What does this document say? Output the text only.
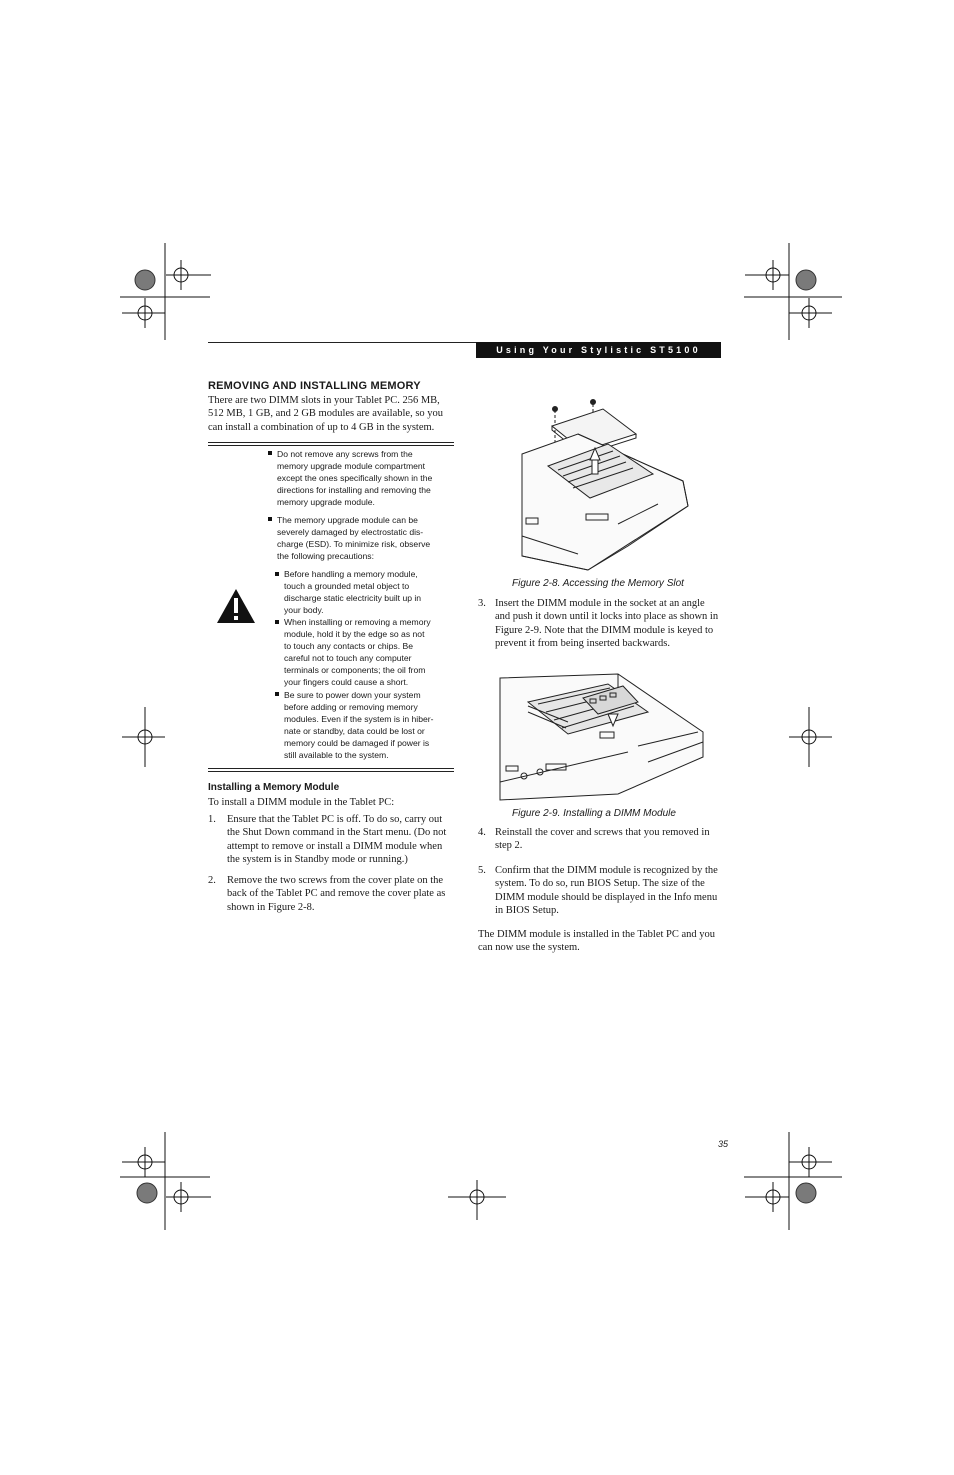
Using Your Stylistic ST5100
REMOVING AND INSTALLING MEMORY
There are two DIMM slots in your Tablet PC. 256 MB,
512 MB, 1 GB, and 2 GB modules are available, so you
can install a combination of up to 4 GB in the system.
Do not remove any screws from the
memory upgrade module compartment
except the ones specifically shown in the
directions for installing and removing the
memory upgrade module.
The memory upgrade module can be
severely damaged by electrostatic dis-
charge (ESD). To minimize risk, observe
the following precautions:
Before handling a memory module,
touch a grounded metal object to
discharge static electricity built up in
your body.
When installing or removing a memory
module, hold it by the edge so as not
to touch any contacts or chips. Be
careful not to touch any computer
terminals or components; the oil from
your fingers could cause a short.
Be sure to power down your system
before adding or removing memory
modules. Even if the system is in hiber-
nate or standby, data could be lost or
memory could be damaged if power is
still available to the system.
Installing a Memory Module
To install a DIMM module in the Tablet PC:
1. Ensure that the Tablet PC is off. To do so, carry out
the Shut Down command in the Start menu. (Do not
attempt to remove or install a DIMM module when
the system is in Standby mode or running.)
2. Remove the two screws from the cover plate on the
back of the Tablet PC and remove the cover plate as
shown in Figure 2-8.
Figure 2-8. Accessing the Memory Slot
3. Insert the DIMM module in the socket at an angle
and push it down until it locks into place as shown in
Figure 2-9. Note that the DIMM module is keyed to
prevent it from being inserted backwards.
Figure 2-9. Installing a DIMM Module
4. Reinstall the cover and screws that you removed in
step 2.
5. Confirm that the DIMM module is recognized by the
system. To do so, run BIOS Setup. The size of the
DIMM module should be displayed in the Info menu
in BIOS Setup.
The DIMM module is installed in the Tablet PC and you
can now use the system.
35
